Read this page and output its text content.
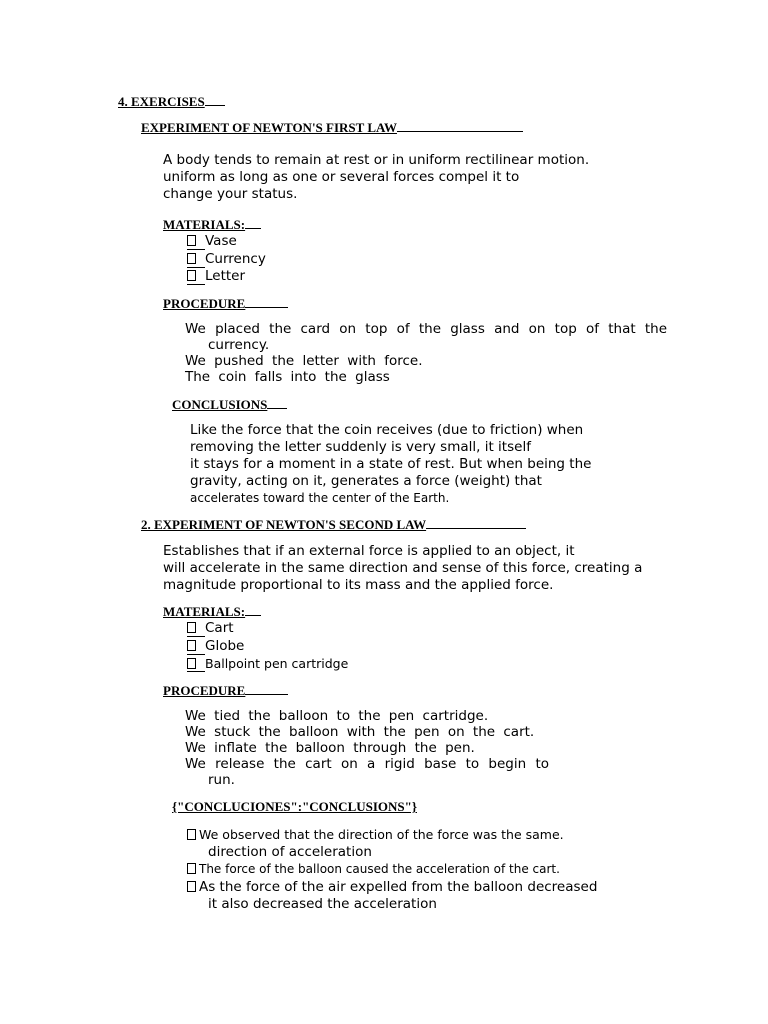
4. EXERCISES
EXPERIMENT OF NEWTON'S FIRST LAW
A body tends to remain at rest or in uniform rectilinear motion.
uniform as long as one or several forces compel it to
change your status.
MATERIALS:
Vase
Currency
Letter
PROCEDURE
We placed the card on top of the glass and on top of that the
currency.
We pushed the letter with force.
The coin falls into the glass
CONCLUSIONS
Like the force that the coin receives (due to friction) when
removing the letter suddenly is very small, it itself
it stays for a moment in a state of rest. But when being the
gravity, acting on it, generates a force (weight) that
accelerates toward the center of the Earth.
2. EXPERIMENT OF NEWTON'S SECOND LAW
Establishes that if an external force is applied to an object, it
will accelerate in the same direction and sense of this force, creating a
magnitude proportional to its mass and the applied force.
MATERIALS:
Cart
Globe
Ballpoint pen cartridge
PROCEDURE
We tied the balloon to the pen cartridge.
We stuck the balloon with the pen on the cart.
We inflate the balloon through the pen.
We release the cart on a rigid base to begin to
run.
{"CONCLUCIONES":"CONCLUSIONS"}
We observed that the direction of the force was the same.
direction of acceleration
The force of the balloon caused the acceleration of the cart.
As the force of the air expelled from the balloon decreased
it also decreased the acceleration
